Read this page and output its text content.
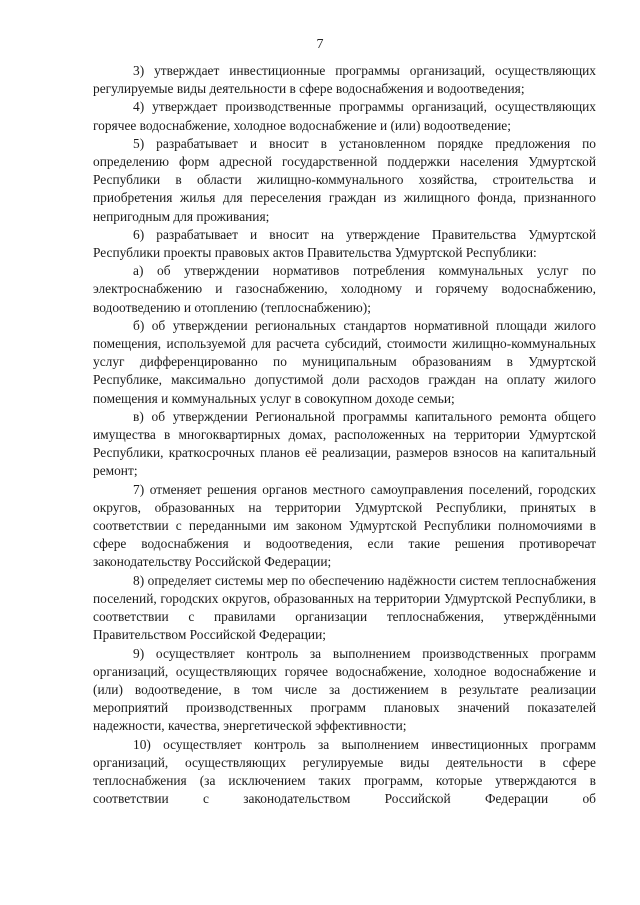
7

3) утверждает инвестиционные программы организаций, осуществляющих регулируемые виды деятельности в сфере водоснабжения и водоотведения;

4) утверждает производственные программы организаций, осуществляющих горячее водоснабжение, холодное водоснабжение и (или) водоотведение;

5) разрабатывает и вносит в установленном порядке предложения по определению форм адресной государственной поддержки населения Удмуртской Республики в области жилищно-коммунального хозяйства, строительства и приобретения жилья для переселения граждан из жилищного фонда, признанного непригодным для проживания;

6) разрабатывает и вносит на утверждение Правительства Удмуртской Республики проекты правовых актов Правительства Удмуртской Республики:

а) об утверждении нормативов потребления коммунальных услуг по электроснабжению и газоснабжению, холодному и горячему водоснабжению, водоотведению и отоплению (теплоснабжению);

б) об утверждении региональных стандартов нормативной площади жилого помещения, используемой для расчета субсидий, стоимости жилищно-коммунальных услуг дифференцированно по муниципальным образованиям в Удмуртской Республике, максимально допустимой доли расходов граждан на оплату жилого помещения и коммунальных услуг в совокупном доходе семьи;

в) об утверждении Региональной программы капитального ремонта общего имущества в многоквартирных домах, расположенных на территории Удмуртской Республики, краткосрочных планов её реализации, размеров взносов на капитальный ремонт;

7) отменяет решения органов местного самоуправления поселений, городских округов, образованных на территории Удмуртской Республики, принятых в соответствии с переданными им законом Удмуртской Республики полномочиями в сфере водоснабжения и водоотведения, если такие решения противоречат законодательству Российской Федерации;

8) определяет системы мер по обеспечению надёжности систем теплоснабжения поселений, городских округов, образованных на территории Удмуртской Республики, в соответствии с правилами организации теплоснабжения, утверждёнными Правительством Российской Федерации;

9) осуществляет контроль за выполнением производственных программ организаций, осуществляющих горячее водоснабжение, холодное водоснабжение и (или) водоотведение, в том числе за достижением в результате реализации мероприятий производственных программ плановых значений показателей надежности, качества, энергетической эффективности;

10) осуществляет контроль за выполнением инвестиционных программ организаций, осуществляющих регулируемые виды деятельности в сфере теплоснабжения (за исключением таких программ, которые утверждаются в соответствии с законодательством Российской Федерации об
